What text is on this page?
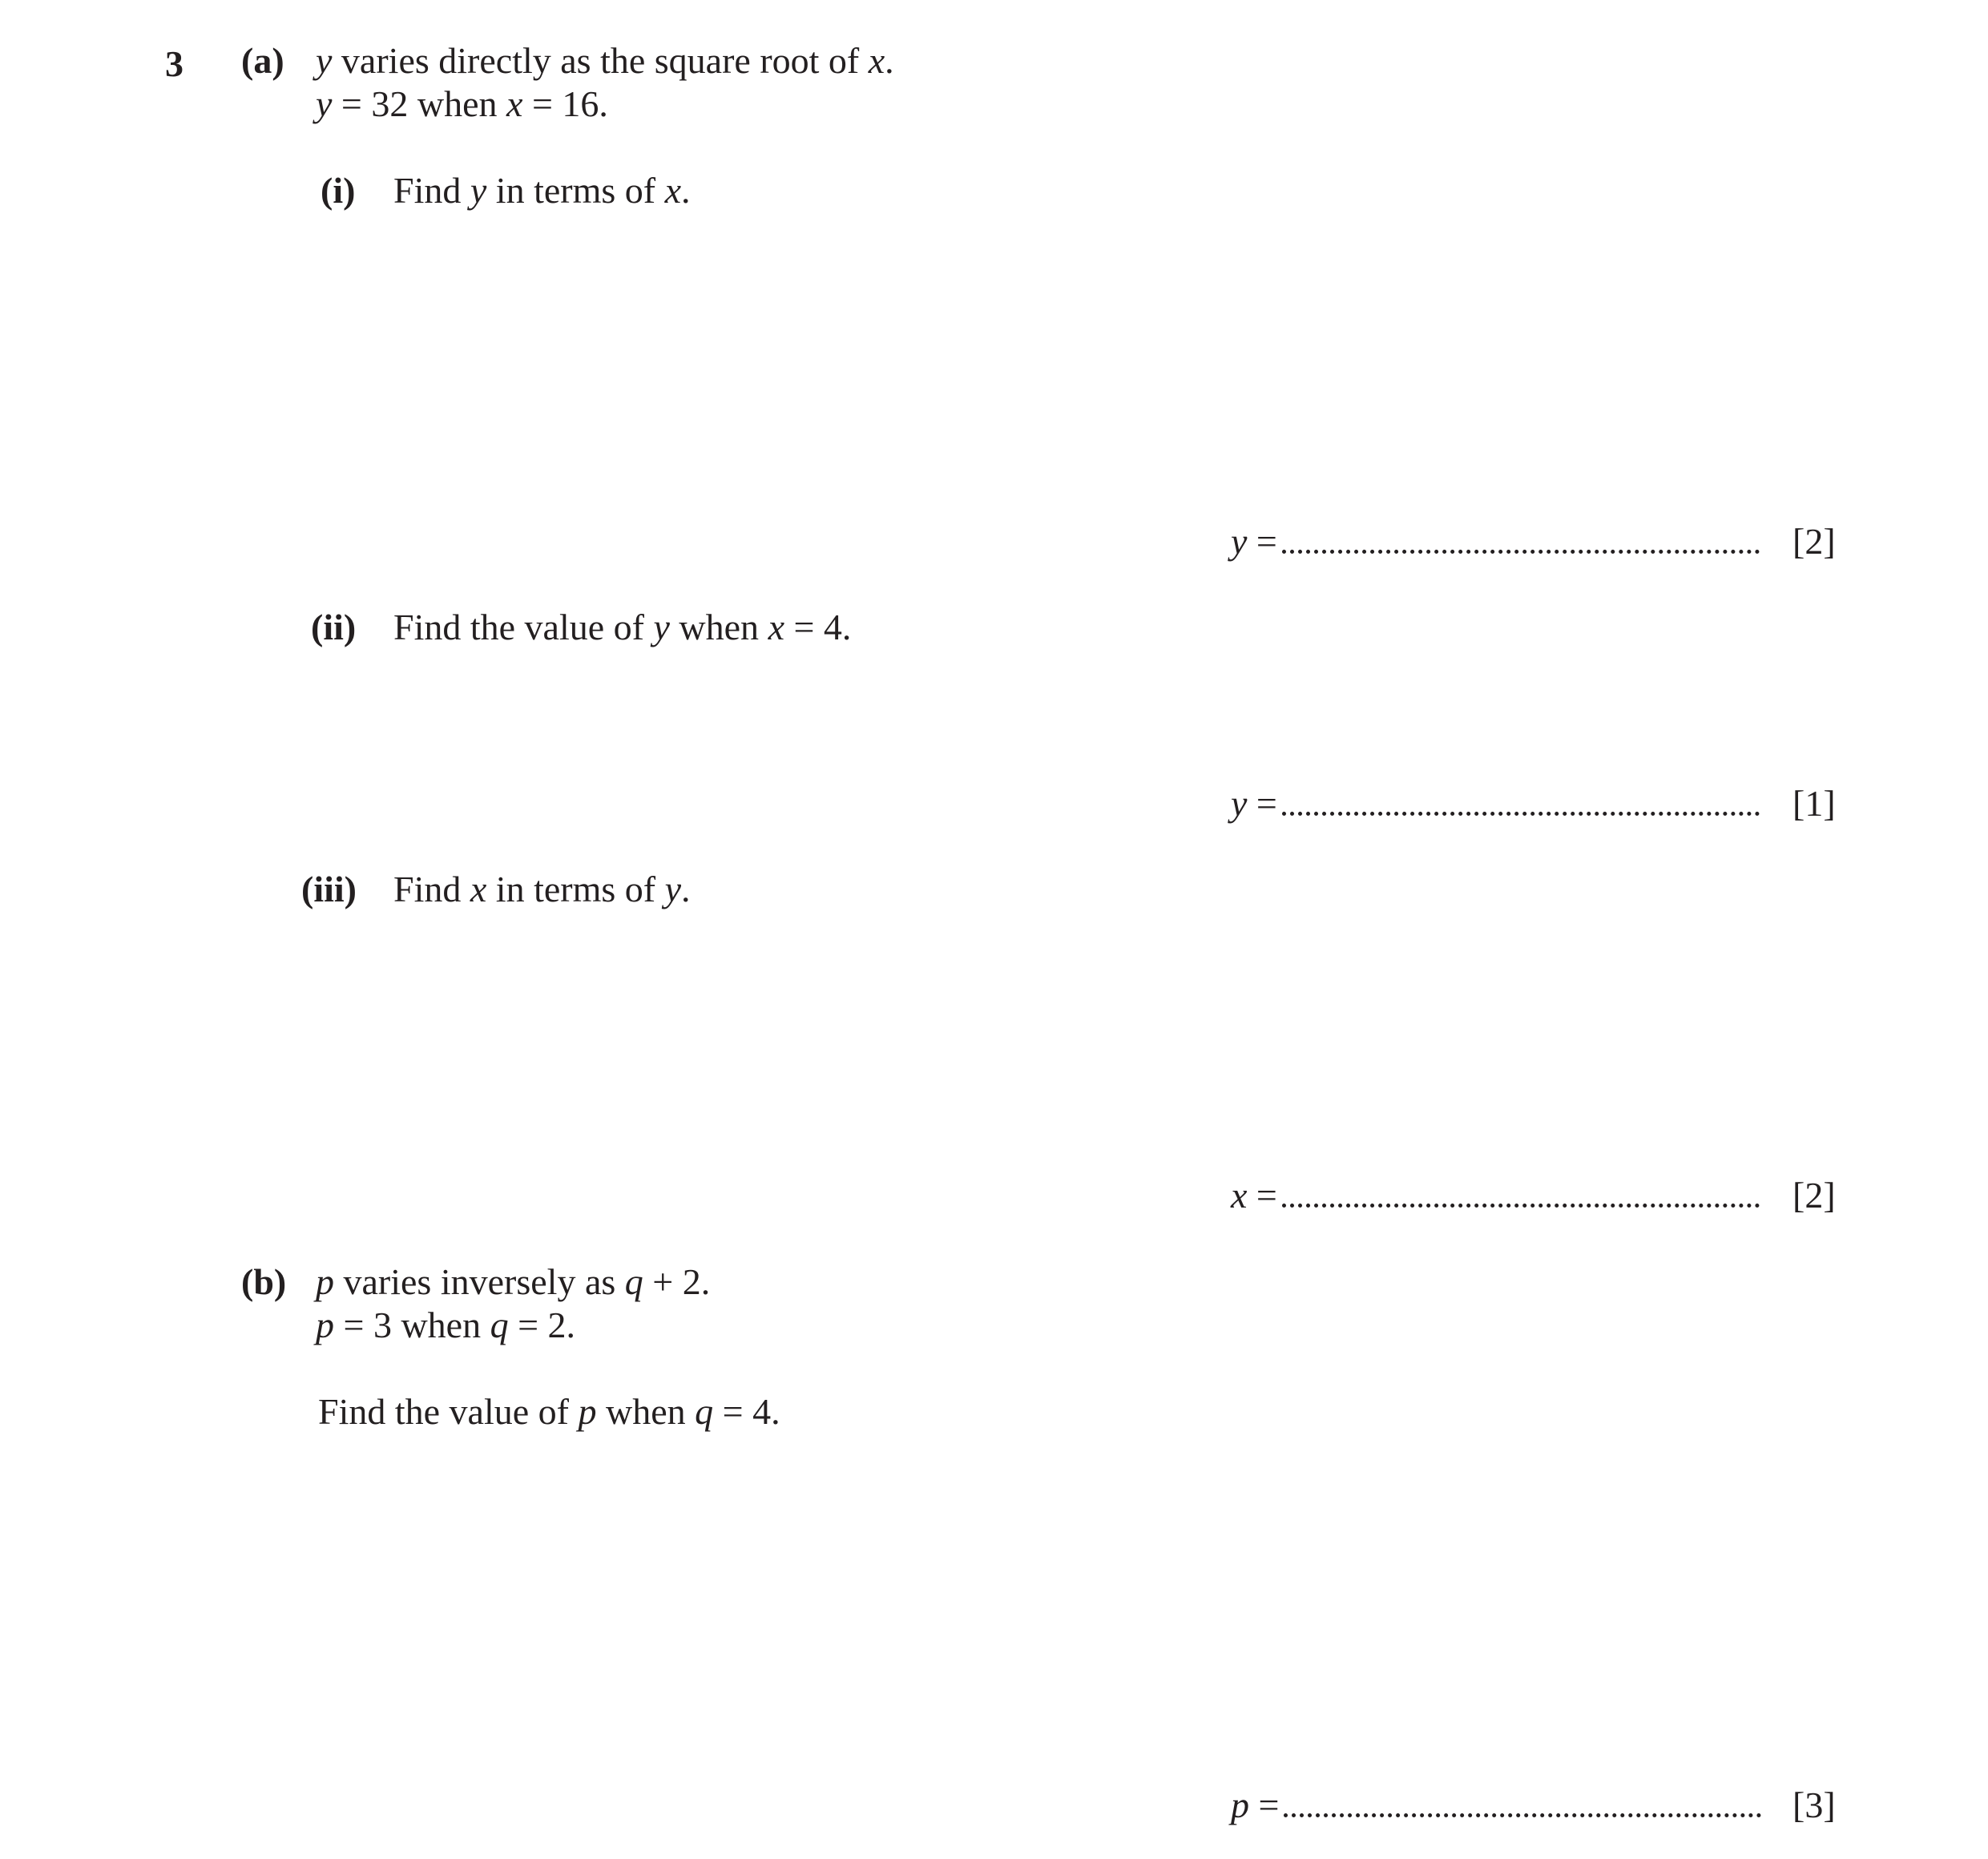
3 (a) y varies directly as the square root of x.
y = 32 when x = 16.
(i) Find y in terms of x.
y =	[2]
(ii) Find the value of y when x = 4.
y =	[1]
(iii) Find x in terms of y.
x =	[2]
(b) p varies inversely as q + 2.
p = 3 when q = 2.
Find the value of p when q = 4.
p =	[3]
